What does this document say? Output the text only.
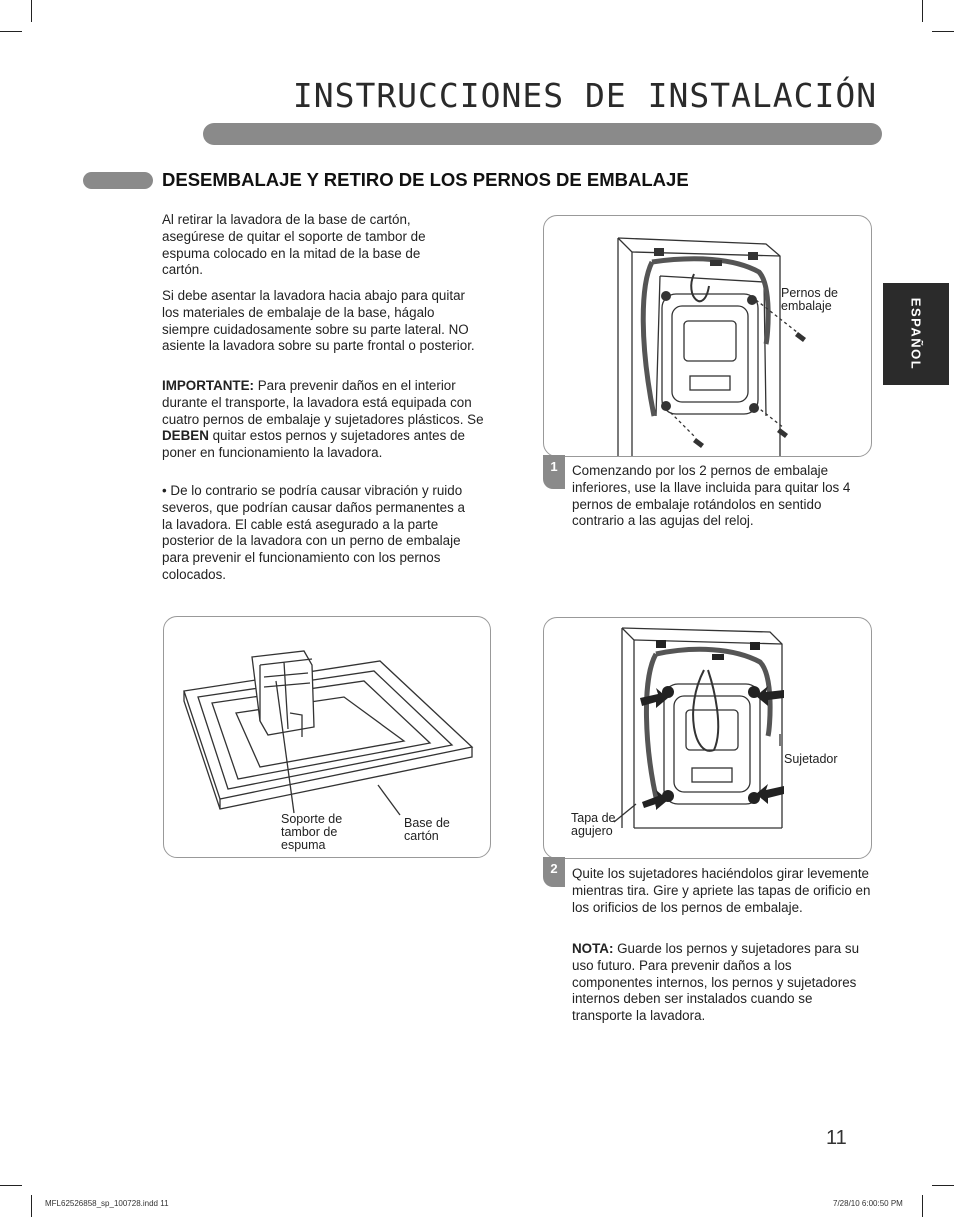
INSTRUCCIONES DE INSTALACIÓN
DESEMBALAJE Y RETIRO DE LOS PERNOS DE EMBALAJE
ESPAÑOL

Al retirar la lavadora de la base de cartón, asegúrese de quitar el soporte de tambor de espuma colocado en la mitad de la base de cartón.

Si debe asentar la lavadora hacia abajo para quitar los materiales de embalaje de la base, hágalo siempre cuidadosamente sobre su parte lateral. NO asiente la lavadora sobre su parte frontal o posterior.

IMPORTANTE: Para prevenir daños en el interior durante el transporte, la lavadora está equipada con cuatro pernos de embalaje y sujetadores plásticos. Se DEBEN quitar estos pernos y sujetadores antes de poner en funcionamiento la lavadora.

• De lo contrario se podría causar vibración y ruido severos, que podrían causar daños permanentes a la lavadora. El cable está asegurado a la parte posterior de la lavadora con un perno de embalaje para prevenir el funcionamiento con los pernos colocados.

Pernos de embalaje
1	Comenzando por los 2 pernos de embalaje inferiores, use la llave incluida para quitar los 4 pernos de embalaje rotándolos en sentido contrario a las agujas del reloj.

Soporte de tambor de espuma
Base de cartón
Sujetador
Tapa de agujero
2	Quite los sujetadores haciéndolos girar levemente mientras tira. Gire y apriete las tapas de orificio en los orificios de los pernos de embalaje.

NOTA: Guarde los pernos y sujetadores para su uso futuro. Para prevenir daños a los componentes internos, los pernos y sujetadores internos deben ser instalados cuando se transporte la lavadora.

11
MFL62526858_sp_100728.indd 11	7/28/10 6:00:50 PM
